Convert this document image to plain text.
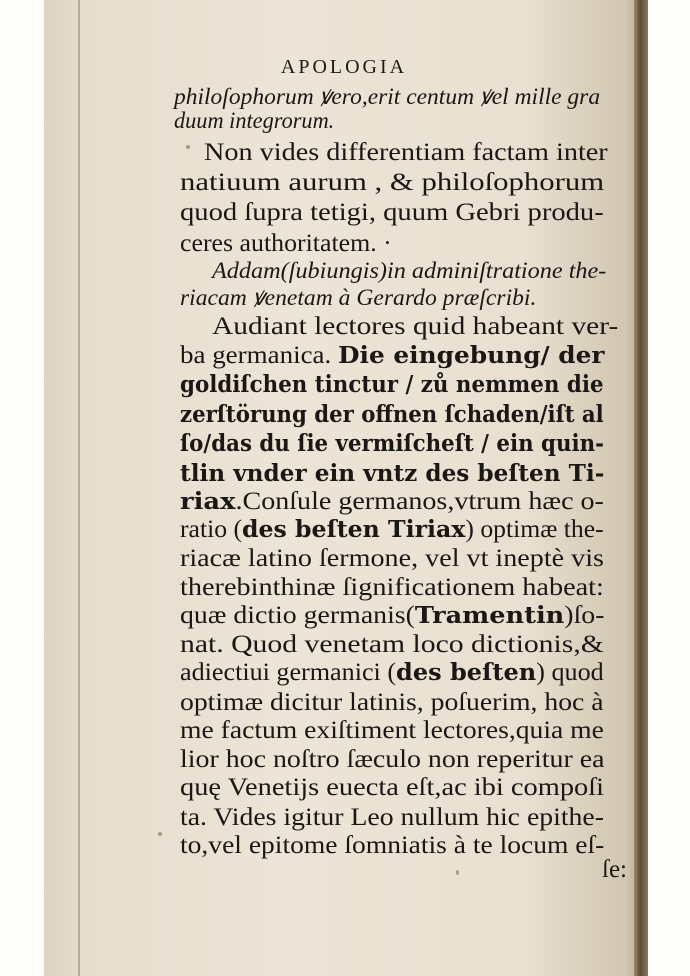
APOLOGIA
philoſophorum ꝟero,erit centum ꝟel mille gra
duum integrorum.
Non vides differentiam factam inter
natiuum aurum , & philoſophorum
quod ſupra tetigi, quum Gebri produ-
ceres authoritatem. ·
Addam(ſubiungis)in adminiſtratione the-
riacam ꝟenetam à Gerardo præſcribi.
Audiant lectores quid habeant ver-
ba germanica. Die eingebung/ der
goldiſchen tinctur / zů nemmen die
zerſtörung der offnen ſchaden/iſt al
ſo/das du ſie vermiſcheſt / ein quin-
tlin vnder ein vntz des beſten Ti-
riax.Conſule germanos,vtrum hæc o-
ratio (des beſten Tiriax) optimæ the-
riacæ latino ſermone, vel vt ineptè vis
therebinthinæ ſignificationem habeat:
quæ dictio germanis(Tramentin)ſo-
nat. Quod venetam loco dictionis,&
adiectiui germanici (des beſten) quod
optimæ dicitur latinis, poſuerim, hoc à
me factum exiſtiment lectores,quia me
lior hoc noſtro ſæculo non reperitur ea
quę Venetijs euecta eſt,ac ibi compoſi
ta. Vides igitur Leo nullum hic epithe-
to,vel epitome ſomniatis à te locum eſ-
ſe:
